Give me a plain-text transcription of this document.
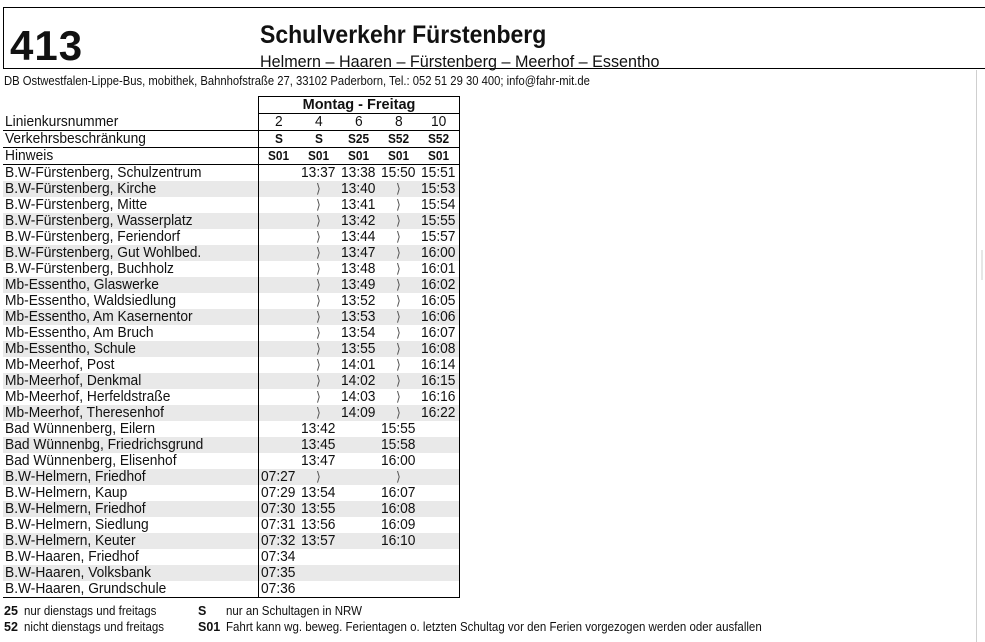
413	Schulverkehr Fürstenberg
Helmern – Haaren – Fürstenberg – Meerhof – Essentho
DB Ostwestfalen-Lippe-Bus, mobithek, Bahnhofstraße 27, 33102 Paderborn, Tel.: 052 51 29 30 400; info@fahr-mit.de
	Montag - Freitag				
Linienkursnummer	2	4	6	8	10
Verkehrsbeschränkung	S	S	S25	S52	S52
Hinweis	S01	S01	S01	S01	S01
B.W-Fürstenberg, Schulzentrum		13:37	13:38	15:50	15:51
B.W-Fürstenberg, Kirche		⟩	13:40	⟩	15:53
B.W-Fürstenberg, Mitte		⟩	13:41	⟩	15:54
B.W-Fürstenberg, Wasserplatz		⟩	13:42	⟩	15:55
B.W-Fürstenberg, Feriendorf		⟩	13:44	⟩	15:57
B.W-Fürstenberg, Gut Wohlbed.		⟩	13:47	⟩	16:00
B.W-Fürstenberg, Buchholz		⟩	13:48	⟩	16:01
Mb-Essentho, Glaswerke		⟩	13:49	⟩	16:02
Mb-Essentho, Waldsiedlung		⟩	13:52	⟩	16:05
Mb-Essentho, Am Kasernentor		⟩	13:53	⟩	16:06
Mb-Essentho, Am Bruch		⟩	13:54	⟩	16:07
Mb-Essentho, Schule		⟩	13:55	⟩	16:08
Mb-Meerhof, Post		⟩	14:01	⟩	16:14
Mb-Meerhof, Denkmal		⟩	14:02	⟩	16:15
Mb-Meerhof, Herfeldstraße		⟩	14:03	⟩	16:16
Mb-Meerhof, Theresenhof		⟩	14:09	⟩	16:22
Bad Wünnenberg, Eilern		13:42		15:55	
Bad Wünnenbg, Friedrichsgrund		13:45		15:58	
Bad Wünnenberg, Elisenhof		13:47		16:00	
B.W-Helmern, Friedhof	07:27	⟩		⟩	
B.W-Helmern, Kaup	07:29	13:54		16:07	
B.W-Helmern, Friedhof	07:30	13:55		16:08	
B.W-Helmern, Siedlung	07:31	13:56		16:09	
B.W-Helmern, Keuter	07:32	13:57		16:10	
B.W-Haaren, Friedhof	07:34				
B.W-Haaren, Volksbank	07:35				
B.W-Haaren, Grundschule	07:36				
25 nur dienstags und freitags	S nur an Schultagen in NRW
52 nicht dienstags und freitags	S01 Fahrt kann wg. beweg. Ferientagen o. letzten Schultag vor den Ferien vorgezogen werden oder ausfallen
